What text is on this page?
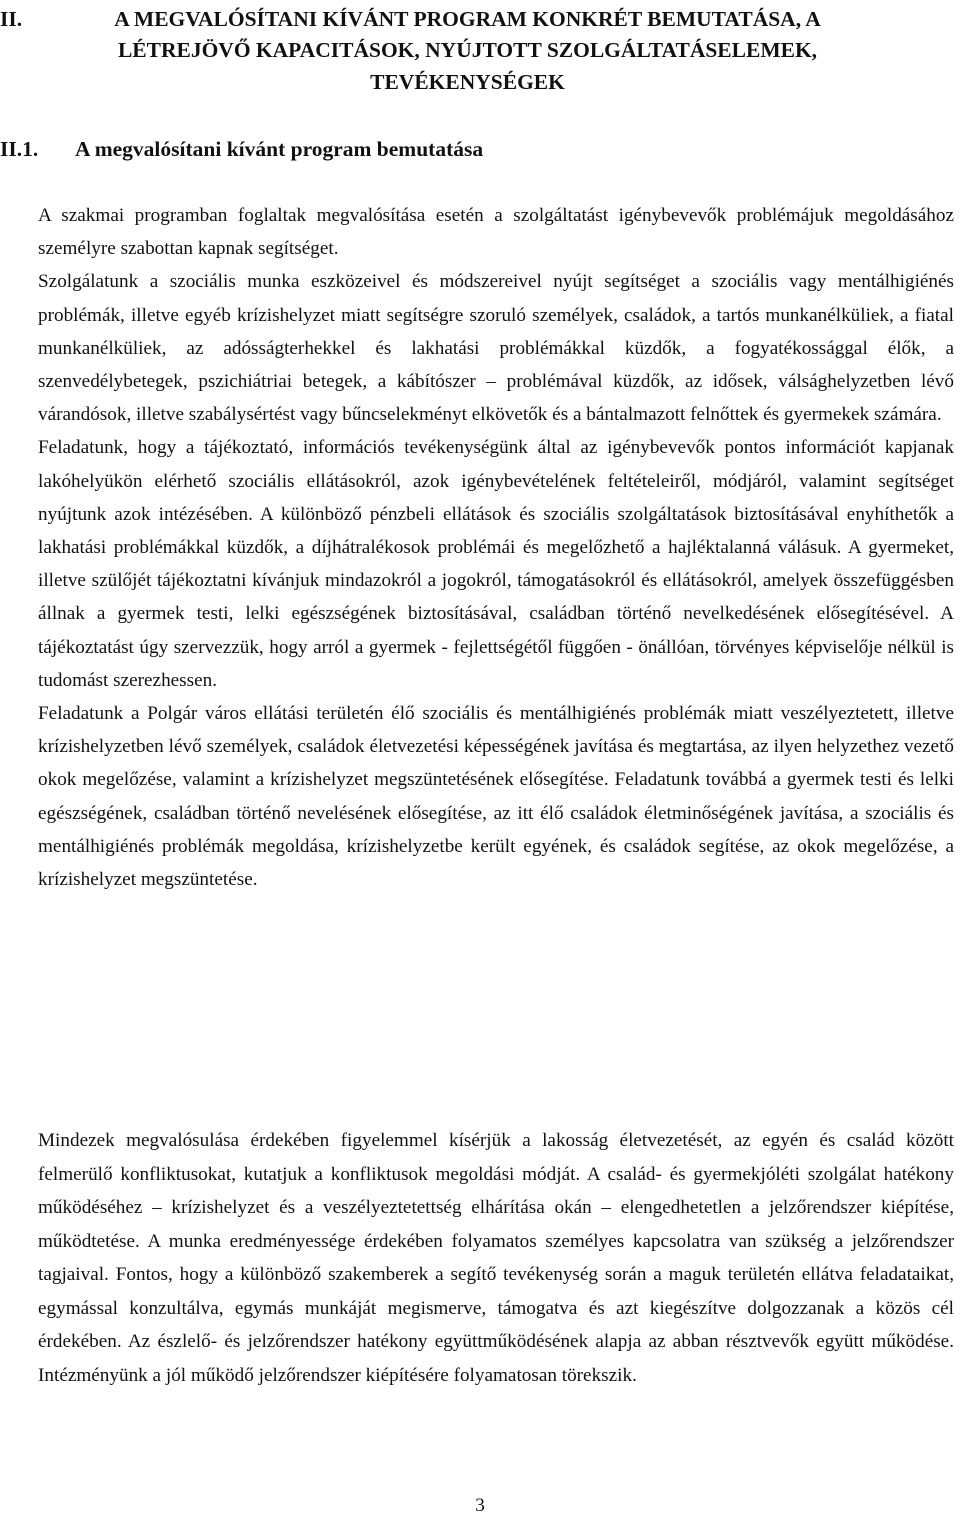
II.	A MEGVALÓSÍTANI KÍVÁNT PROGRAM KONKRÉT BEMUTATÁSA, A
LÉTREJÖVŐ KAPACITÁSOK, NYÚJTOTT SZOLGÁLTATÁSELEMEK,
TEVÉKENYSÉGEK
II.1. A megvalósítani kívánt program bemutatása

A szakmai programban foglaltak megvalósítása esetén a szolgáltatást igénybevevők problémájuk megoldásához személyre szabottan kapnak segítséget.

Szolgálatunk a szociális munka eszközeivel és módszereivel nyújt segítséget a szociális vagy mentálhigiénés problémák, illetve egyéb krízishelyzet miatt segítségre szoruló személyek, családok, a tartós munkanélküliek, a fiatal munkanélküliek, az adósságterhekkel és lakhatási problémákkal küzdők, a fogyatékossággal élők, a szenvedélybetegek, pszichiátriai betegek, a kábítószer – problémával küzdők, az idősek, válsághelyzetben lévő várandósok, illetve szabálysértést vagy bűncselekményt elkövetők és a bántalmazott felnőttek és gyermekek számára.

Feladatunk, hogy a tájékoztató, információs tevékenységünk által az igénybevevők pontos információt kapjanak lakóhelyükön elérhető szociális ellátásokról, azok igénybevételének feltételeiről, módjáról, valamint segítséget nyújtunk azok intézésében. A különböző pénzbeli ellátások és szociális szolgáltatások biztosításával enyhíthetők a lakhatási problémákkal küzdők, a díjhátralékosok problémái és megelőzhető a hajléktalanná válásuk. A gyermeket, illetve szülőjét tájékoztatni kívánjuk mindazokról a jogokról, támogatásokról és ellátásokról, amelyek összefüggésben állnak a gyermek testi, lelki egészségének biztosításával, családban történő nevelkedésének elősegítésével. A tájékoztatást úgy szervezzük, hogy arról a gyermek - fejlettségétől függően - önállóan, törvényes képviselője nélkül is tudomást szerezhessen.

Feladatunk a Polgár város ellátási területén élő szociális és mentálhigiénés problémák miatt veszélyeztetett, illetve krízishelyzetben lévő személyek, családok életvezetési képességének javítása és megtartása, az ilyen helyzethez vezető okok megelőzése, valamint a krízishelyzet megszüntetésének elősegítése. Feladatunk továbbá a gyermek testi és lelki egészségének, családban történő nevelésének elősegítése, az itt élő családok életminőségének javítása, a szociális és mentálhigiénés problémák megoldása, krízishelyzetbe került egyének, és családok segítése, az okok megelőzése, a krízishelyzet megszüntetése.

Mindezek megvalósulása érdekében figyelemmel kísérjük a lakosság életvezetését, az egyén és család között felmerülő konfliktusokat, kutatjuk a konfliktusok megoldási módját. A család- és gyermekjóléti szolgálat hatékony működéséhez – krízishelyzet és a veszélyeztetettség elhárítása okán – elengedhetetlen a jelzőrendszer kiépítése, működtetése. A munka eredményessége érdekében folyamatos személyes kapcsolatra van szükség a jelzőrendszer tagjaival. Fontos, hogy a különböző szakemberek a segítő tevékenység során a maguk területén ellátva feladataikat, egymással konzultálva, egymás munkáját megismerve, támogatva és azt kiegészítve dolgozzanak a közös cél érdekében. Az észlelő- és jelzőrendszer hatékony együttműködésének alapja az abban résztvevők együtt működése. Intézményünk a jól működő jelzőrendszer kiépítésére folyamatosan törekszik.

3
